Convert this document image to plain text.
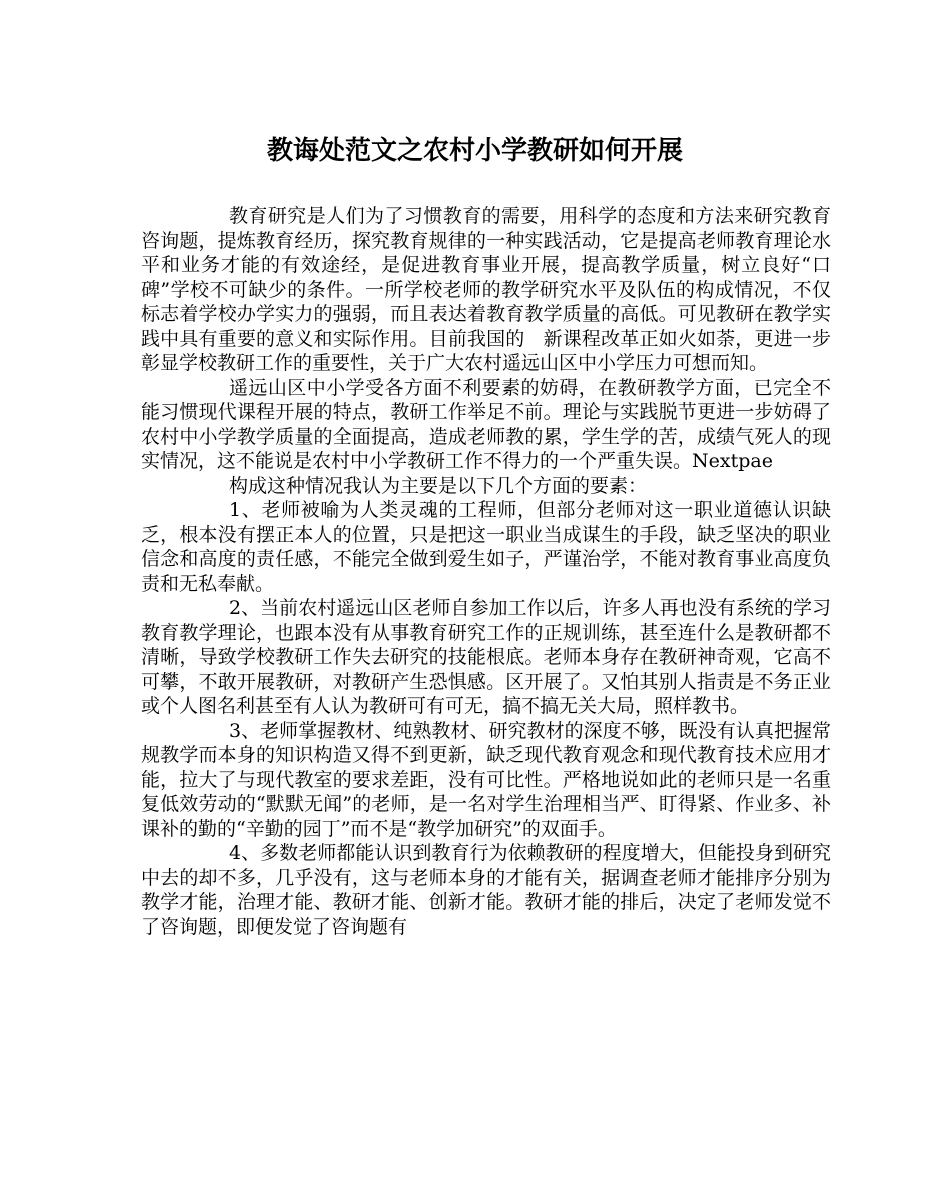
教诲处范文之农村小学教研如何开展

教育研究是人们为了习惯教育的需要，用科学的态度和方法来研究教育咨询题，提炼教育经历，探究教育规律的一种实践活动，它是提高老师教育理论水平和业务才能的有效途经，是促进教育事业开展，提高教学质量，树立良好“口碑”学校不可缺少的条件。一所学校老师的教学研究水平及队伍的构成情况，不仅标志着学校办学实力的强弱，而且表达着教育教学质量的高低。可见教研在教学实践中具有重要的意义和实际作用。目前我国的　新课程改革正如火如荼，更进一步彰显学校教研工作的重要性，关于广大农村遥远山区中小学压力可想而知。

遥远山区中小学受各方面不利要素的妨碍，在教研教学方面，已完全不能习惯现代课程开展的特点，教研工作举足不前。理论与实践脱节更进一步妨碍了农村中小学教学质量的全面提高，造成老师教的累，学生学的苦，成绩气死人的现实情况，这不能说是农村中小学教研工作不得力的一个严重失误。Nextpae

构成这种情况我认为主要是以下几个方面的要素：

1、老师被喻为人类灵魂的工程师，但部分老师对这一职业道德认识缺乏，根本没有摆正本人的位置，只是把这一职业当成谋生的手段，缺乏坚决的职业信念和高度的责任感，不能完全做到爱生如子，严谨治学，不能对教育事业高度负责和无私奉献。

2、当前农村遥远山区老师自参加工作以后，许多人再也没有系统的学习教育教学理论，也跟本没有从事教育研究工作的正规训练，甚至连什么是教研都不清晰，导致学校教研工作失去研究的技能根底。老师本身存在教研神奇观，它高不可攀，不敢开展教研，对教研产生恐惧感。区开展了。又怕其别人指责是不务正业或个人图名利甚至有人认为教研可有可无，搞不搞无关大局，照样教书。

3、老师掌握教材、纯熟教材、研究教材的深度不够，既没有认真把握常规教学而本身的知识构造又得不到更新，缺乏现代教育观念和现代教育技术应用才能，拉大了与现代教室的要求差距，没有可比性。严格地说如此的老师只是一名重复低效劳动的“默默无闻”的老师，是一名对学生治理相当严、盯得紧、作业多、补课补的勤的“辛勤的园丁”而不是“教学加研究”的双面手。

4、多数老师都能认识到教育行为依赖教研的程度增大，但能投身到研究中去的却不多，几乎没有，这与老师本身的才能有关，据调查老师才能排序分别为教学才能，治理才能、教研才能、创新才能。教研才能的排后，决定了老师发觉不了咨询题，即便发觉了咨询题有
